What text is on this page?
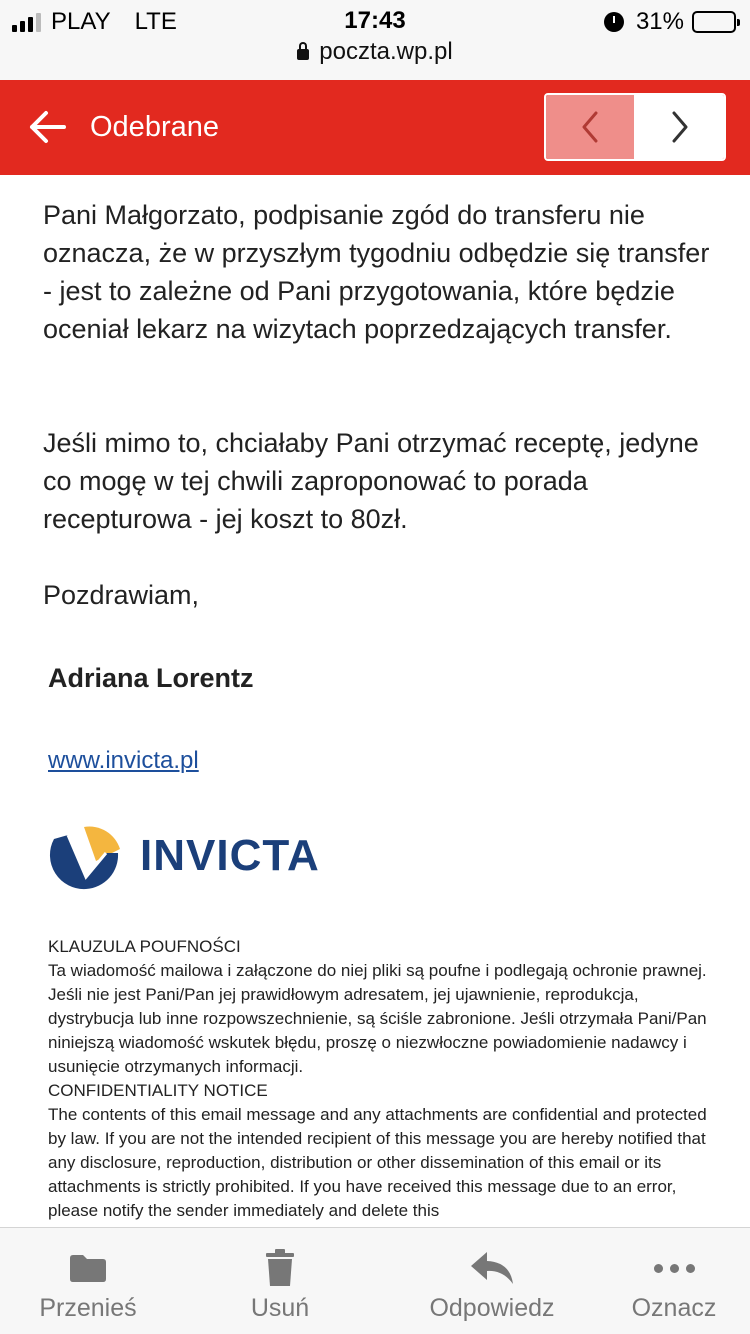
PLAY LTE	17:43	31%
poczta.wp.pl
Odebrane
Pani Małgorzato, podpisanie zgód do transferu nie oznacza, że w przyszłym tygodniu odbędzie się transfer - jest to zależne od Pani przygotowania, które będzie oceniał lekarz na wizytach poprzedzających transfer.
Jeśli mimo to, chciałaby Pani otrzymać receptę, jedyne co mogę w tej chwili zaproponować to porada recepturowa - jej koszt to 80zł.
Pozdrawiam,
Adriana Lorentz
www.invicta.pl
INVICTA
KLAUZULA POUFNOŚCI
Ta wiadomość mailowa i załączone do niej pliki są poufne i podlegają ochronie prawnej. Jeśli nie jest Pani/Pan jej prawidłowym adresatem, jej ujawnienie, reprodukcja, dystrybucja lub inne rozpowszechnienie, są ściśle zabronione. Jeśli otrzymała Pani/Pan niniejszą wiadomość wskutek błędu, proszę o niezwłoczne powiadomienie nadawcy i usunięcie otrzymanych informacji.
CONFIDENTIALITY NOTICE
The contents of this email message and any attachments are confidential and protected by law. If you are not the intended recipient of this message you are hereby notified that any disclosure, reproduction, distribution or other dissemination of this email or its attachments is strictly prohibited. If you have received this message due to an error, please notify the sender immediately and delete this
Przenieś	Usuń	Odpowiedz	Oznacz
